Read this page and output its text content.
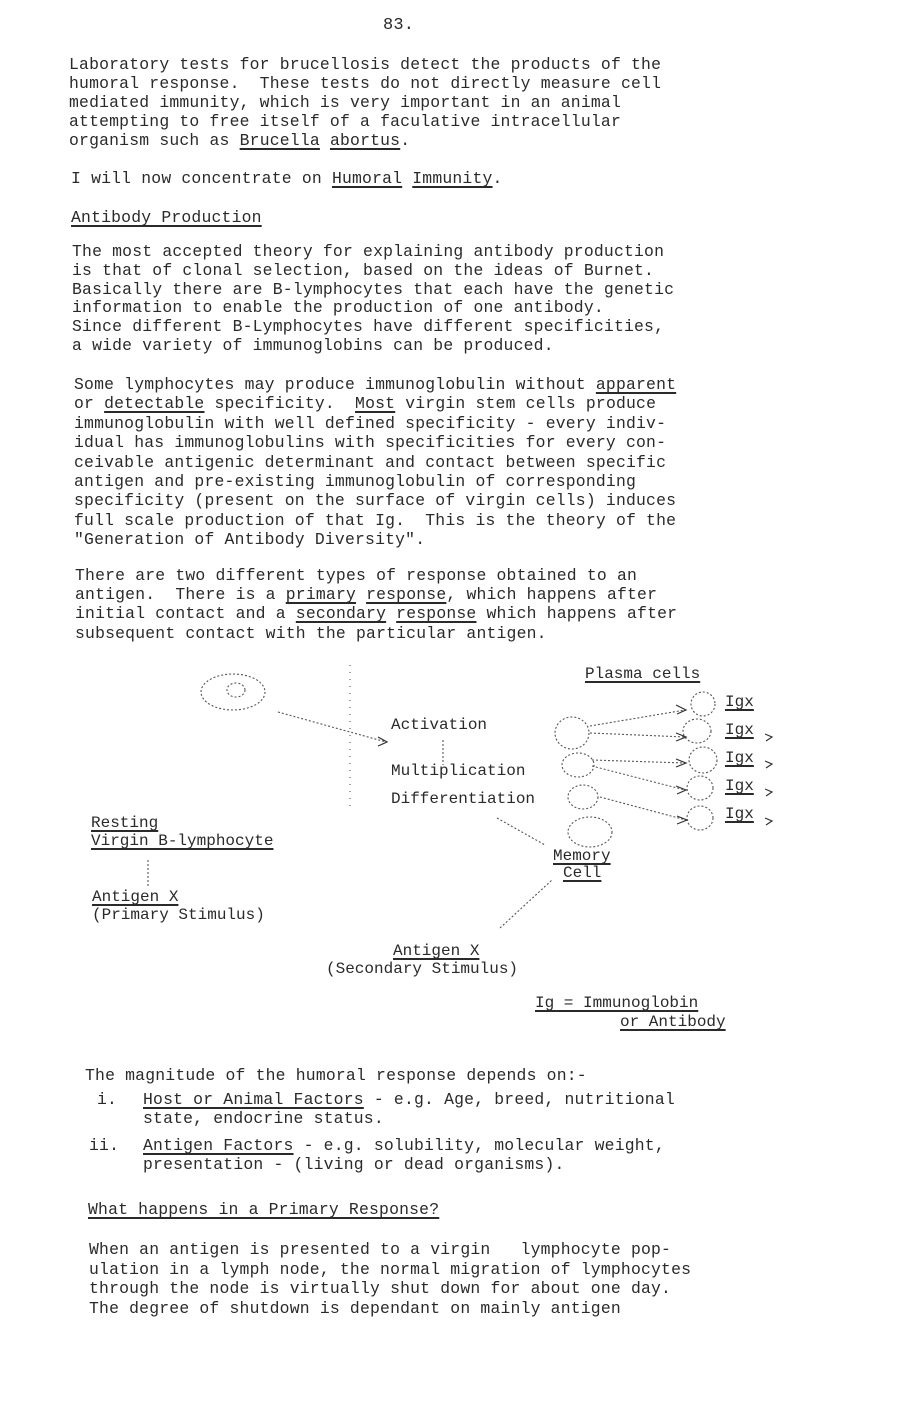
83.
Laboratory tests for brucellosis detect the products of the
humoral response.  These tests do not directly measure cell
mediated immunity, which is very important in an animal
attempting to free itself of a faculative intracellular
organism such as Brucella abortus.
I will now concentrate on Humoral Immunity.
Antibody Production
The most accepted theory for explaining antibody production
is that of clonal selection, based on the ideas of Burnet.
Basically there are B-lymphocytes that each have the genetic
information to enable the production of one antibody.
Since different B-Lymphocytes have different specificities,
a wide variety of immunoglobins can be produced.
Some lymphocytes may produce immunoglobulin without apparent
or detectable specificity.  Most virgin stem cells produce
immunoglobulin with well defined specificity - every indiv-
idual has immunoglobulins with specificities for every con-
ceivable antigenic determinant and contact between specific
antigen and pre-existing immunoglobulin of corresponding
specificity (present on the surface of virgin cells) induces
full scale production of that Ig.  This is the theory of the
"Generation of Antibody Diversity".
There are two different types of response obtained to an
antigen.  There is a primary response, which happens after
initial contact and a secondary response which happens after
subsequent contact with the particular antigen.
Plasma cells
Activation
Multiplication
Differentiation
Resting
Virgin B-lymphocyte
Antigen X
(Primary Stimulus)
Memory
Cell
Antigen X
(Secondary Stimulus)
Igx
Igx
Igx
Igx
Igx
Ig = Immunoglobin
or Antibody
The magnitude of the humoral response depends on:-
i. Host or Animal Factors - e.g. Age, breed, nutritional
state, endocrine status.
ii. Antigen Factors - e.g. solubility, molecular weight,
presentation - (living or dead organisms).
What happens in a Primary Response?
When an antigen is presented to a virgin   lymphocyte pop-
ulation in a lymph node, the normal migration of lymphocytes
through the node is virtually shut down for about one day.
The degree of shutdown is dependant on mainly antigen
